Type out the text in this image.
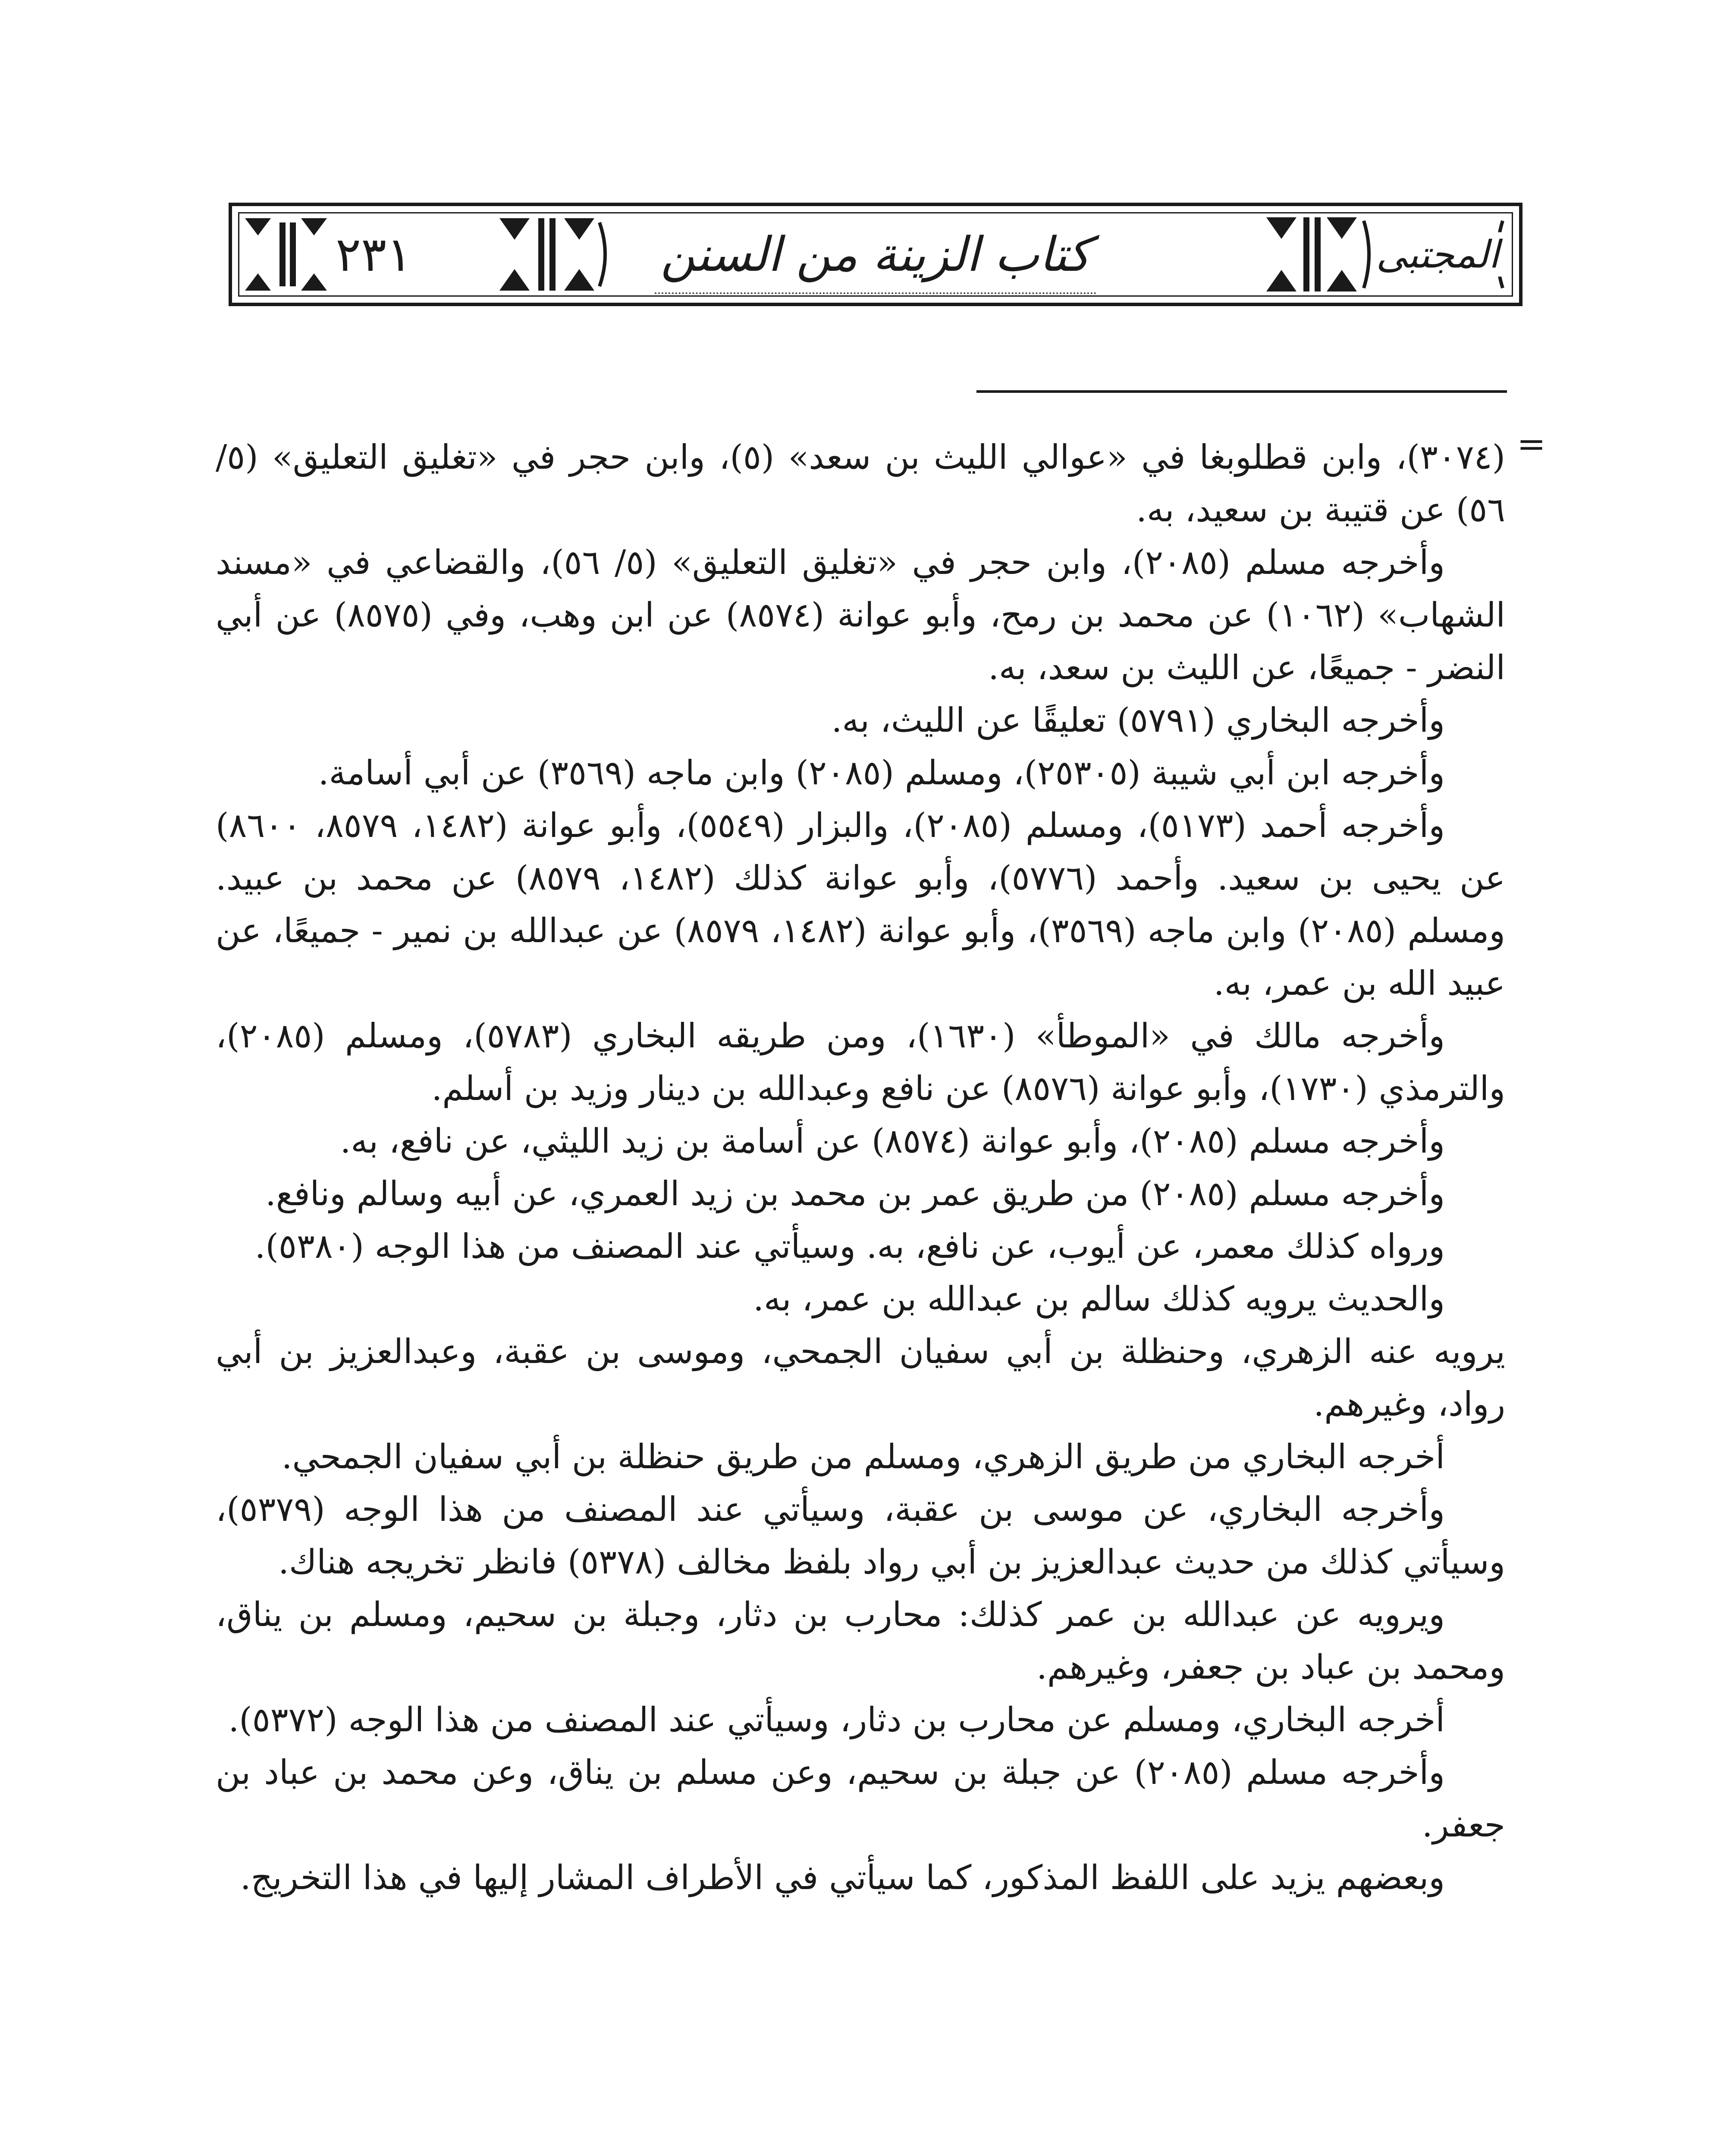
٢٣١	كتاب الزينة من السنن	المجتبى
=

(٣٠٧٤)، وابن قطلوبغا في «عوالي الليث بن سعد» (٥)، وابن حجر في «تغليق التعليق» (٥/ ٥٦) عن قتيبة بن سعيد، به.

وأخرجه مسلم (٢٠٨٥)، وابن حجر في «تغليق التعليق» (٥/ ٥٦)، والقضاعي في «مسند الشهاب» (١٠٦٢) عن محمد بن رمح، وأبو عوانة (٨٥٧٤) عن ابن وهب، وفي (٨٥٧٥) عن أبي النضر - جميعًا، عن الليث بن سعد، به.

وأخرجه البخاري (٥٧٩١) تعليقًا عن الليث، به.

وأخرجه ابن أبي شيبة (٢٥٣٠٥)، ومسلم (٢٠٨٥) وابن ماجه (٣٥٦٩) عن أبي أسامة.

وأخرجه أحمد (٥١٧٣)، ومسلم (٢٠٨٥)، والبزار (٥٥٤٩)، وأبو عوانة (١٤٨٢، ٨٥٧٩، ٨٦٠٠) عن يحيى بن سعيد. وأحمد (٥٧٧٦)، وأبو عوانة كذلك (١٤٨٢، ٨٥٧٩) عن محمد بن عبيد. ومسلم (٢٠٨٥) وابن ماجه (٣٥٦٩)، وأبو عوانة (١٤٨٢، ٨٥٧٩) عن عبدالله بن نمير - جميعًا، عن عبيد الله بن عمر، به.

وأخرجه مالك في «الموطأ» (١٦٣٠)، ومن طريقه البخاري (٥٧٨٣)، ومسلم (٢٠٨٥)، والترمذي (١٧٣٠)، وأبو عوانة (٨٥٧٦) عن نافع وعبدالله بن دينار وزيد بن أسلم.

وأخرجه مسلم (٢٠٨٥)، وأبو عوانة (٨٥٧٤) عن أسامة بن زيد الليثي، عن نافع، به.

وأخرجه مسلم (٢٠٨٥) من طريق عمر بن محمد بن زيد العمري، عن أبيه وسالم ونافع.

ورواه كذلك معمر، عن أيوب، عن نافع، به. وسيأتي عند المصنف من هذا الوجه (٥٣٨٠).

والحديث يرويه كذلك سالم بن عبدالله بن عمر، به.

يرويه عنه الزهري، وحنظلة بن أبي سفيان الجمحي، وموسى بن عقبة، وعبدالعزيز بن أبي رواد، وغيرهم.

أخرجه البخاري من طريق الزهري، ومسلم من طريق حنظلة بن أبي سفيان الجمحي.

وأخرجه البخاري، عن موسى بن عقبة، وسيأتي عند المصنف من هذا الوجه (٥٣٧٩)، وسيأتي كذلك من حديث عبدالعزيز بن أبي رواد بلفظ مخالف (٥٣٧٨) فانظر تخريجه هناك.

ويرويه عن عبدالله بن عمر كذلك: محارب بن دثار، وجبلة بن سحيم، ومسلم بن يناق، ومحمد بن عباد بن جعفر، وغيرهم.

أخرجه البخاري، ومسلم عن محارب بن دثار، وسيأتي عند المصنف من هذا الوجه (٥٣٧٢).

وأخرجه مسلم (٢٠٨٥) عن جبلة بن سحيم، وعن مسلم بن يناق، وعن محمد بن عباد بن جعفر.

وبعضهم يزيد على اللفظ المذكور، كما سيأتي في الأطراف المشار إليها في هذا التخريج.
